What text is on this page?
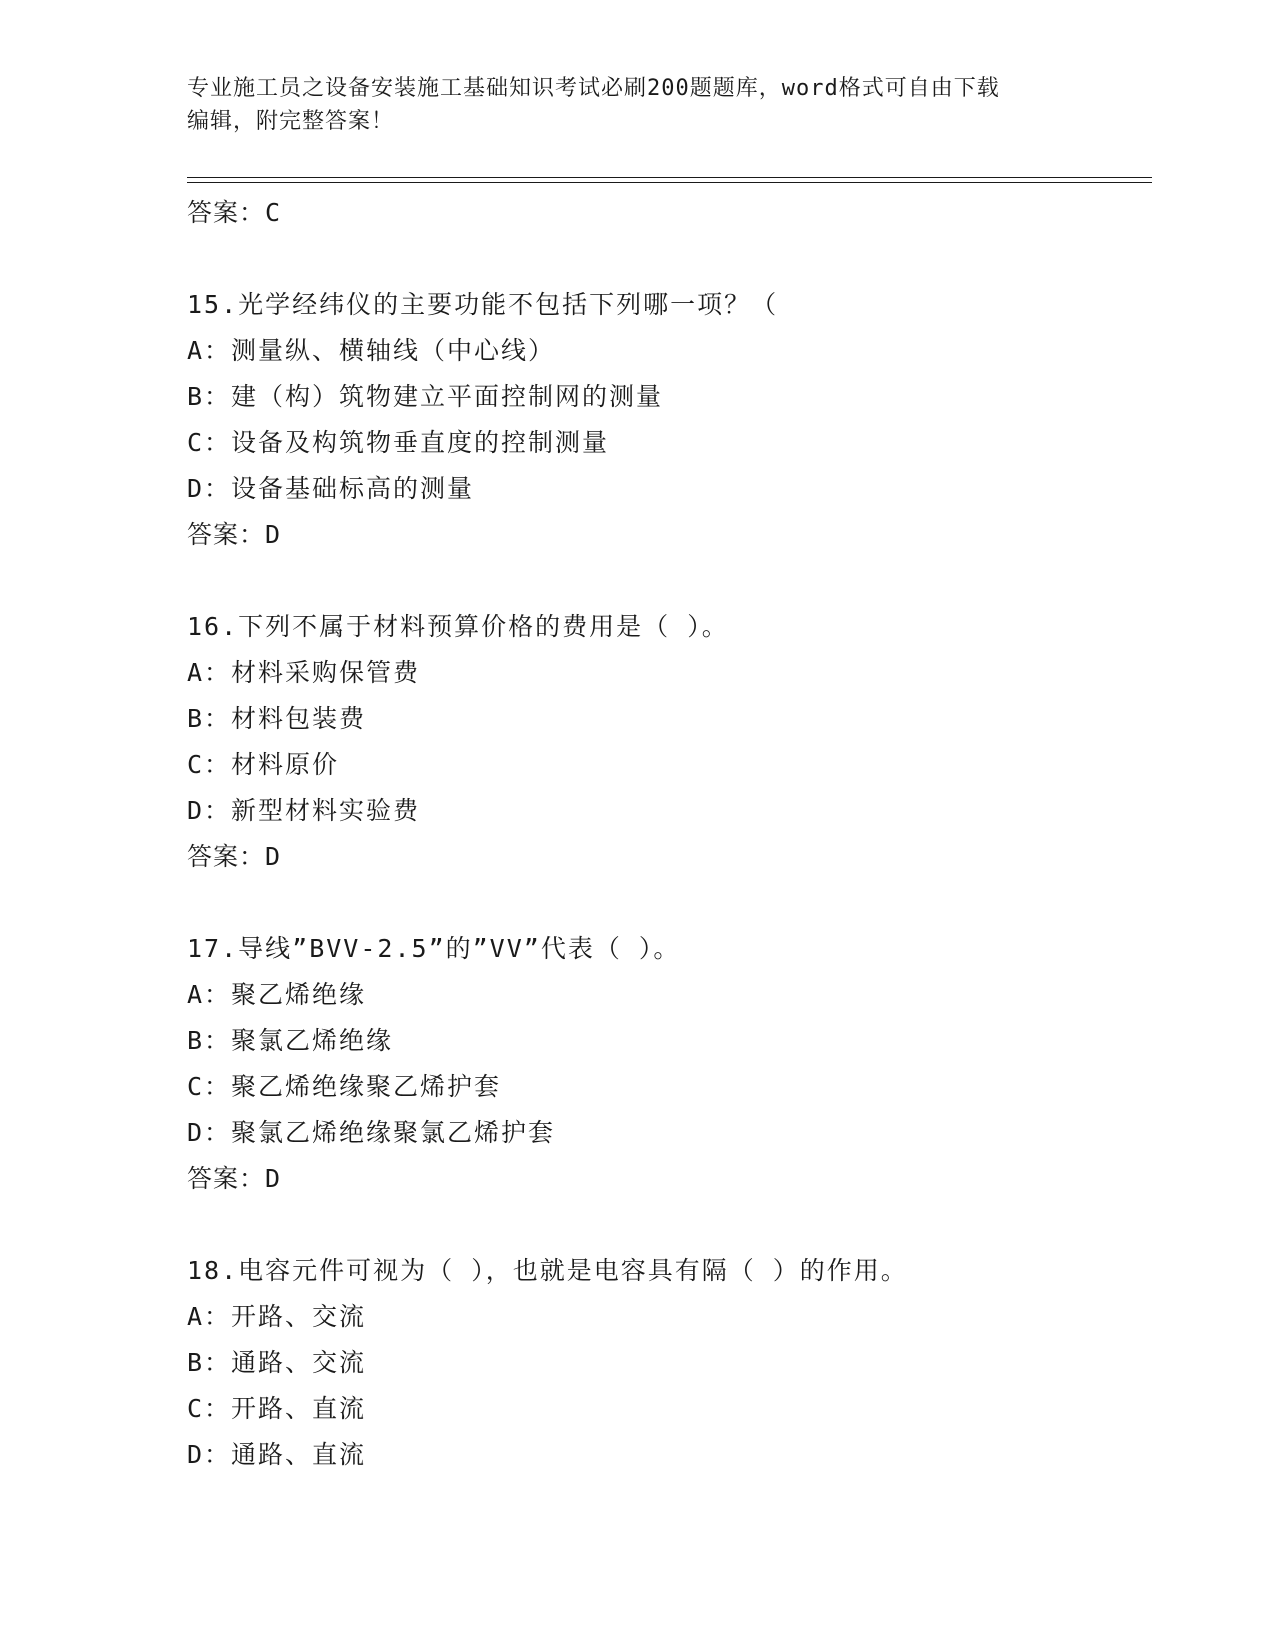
专业施工员之设备安装施工基础知识考试必刷200题题库，word格式可自由下载
编辑，附完整答案！
答案：C
15.光学经纬仪的主要功能不包括下列哪一项？（
A：测量纵、横轴线（中心线）
B：建（构）筑物建立平面控制网的测量
C：设备及构筑物垂直度的控制测量
D：设备基础标高的测量
答案：D
16.下列不属于材料预算价格的费用是（ ）。
A：材料采购保管费
B：材料包装费
C：材料原价
D：新型材料实验费
答案：D
17.导线”BVV-2.5”的”VV”代表（ ）。
A：聚乙烯绝缘
B：聚氯乙烯绝缘
C：聚乙烯绝缘聚乙烯护套
D：聚氯乙烯绝缘聚氯乙烯护套
答案：D
18.电容元件可视为（ ），也就是电容具有隔（ ）的作用。
A：开路、交流
B：通路、交流
C：开路、直流
D：通路、直流
